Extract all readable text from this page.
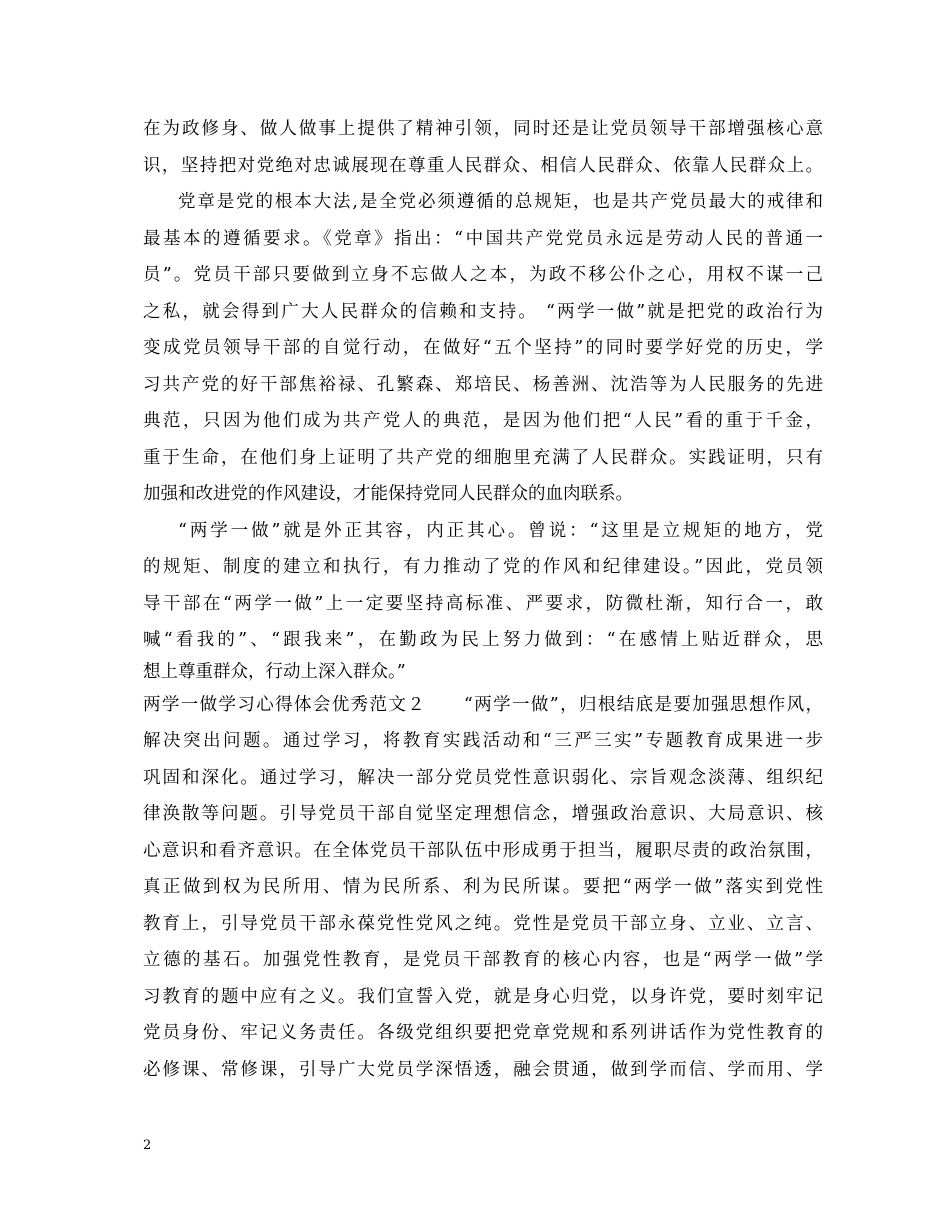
在为政修身、做人做事上提供了精神引领，同时还是让党员领导干部增强核心意
识，坚持把对党绝对忠诚展现在尊重人民群众、相信人民群众、依靠人民群众上。
党章是党的根本大法,是全党必须遵循的总规矩，也是共产党员最大的戒律和
最基本的遵循要求。《党章》指出：“中国共产党党员永远是劳动人民的普通一
员”。党员干部只要做到立身不忘做人之本，为政不移公仆之心，用权不谋一己
之私，就会得到广大人民群众的信赖和支持。 “两学一做”就是把党的政治行为
变成党员领导干部的自觉行动，在做好“五个坚持”的同时要学好党的历史，学
习共产党的好干部焦裕禄、孔繁森、郑培民、杨善洲、沈浩等为人民服务的先进
典范，只因为他们成为共产党人的典范，是因为他们把“人民”看的重于千金，
重于生命，在他们身上证明了共产党的细胞里充满了人民群众。实践证明，只有
加强和改进党的作风建设，才能保持党同人民群众的血肉联系。
“两学一做”就是外正其容，内正其心。曾说：“这里是立规矩的地方，党
的规矩、制度的建立和执行，有力推动了党的作风和纪律建设。”因此，党员领
导干部在“两学一做”上一定要坚持高标准、严要求，防微杜渐，知行合一，敢
喊“看我的”、“跟我来”，在勤政为民上努力做到：“在感情上贴近群众，思
想上尊重群众，行动上深入群众。”
两学一做学习心得体会优秀范文２　　“两学一做”，归根结底是要加强思想作风，
解决突出问题。通过学习，将教育实践活动和“三严三实”专题教育成果进一步
巩固和深化。通过学习，解决一部分党员党性意识弱化、宗旨观念淡薄、组织纪
律涣散等问题。引导党员干部自觉坚定理想信念，增强政治意识、大局意识、核
心意识和看齐意识。在全体党员干部队伍中形成勇于担当，履职尽责的政治氛围，
真正做到权为民所用、情为民所系、利为民所谋。要把“两学一做”落实到党性
教育上，引导党员干部永葆党性党风之纯。党性是党员干部立身、立业、立言、
立德的基石。加强党性教育，是党员干部教育的核心内容，也是“两学一做”学
习教育的题中应有之义。我们宣誓入党，就是身心归党，以身许党，要时刻牢记
党员身份、牢记义务责任。各级党组织要把党章党规和系列讲话作为党性教育的
必修课、常修课，引导广大党员学深悟透，融会贯通，做到学而信、学而用、学
2
